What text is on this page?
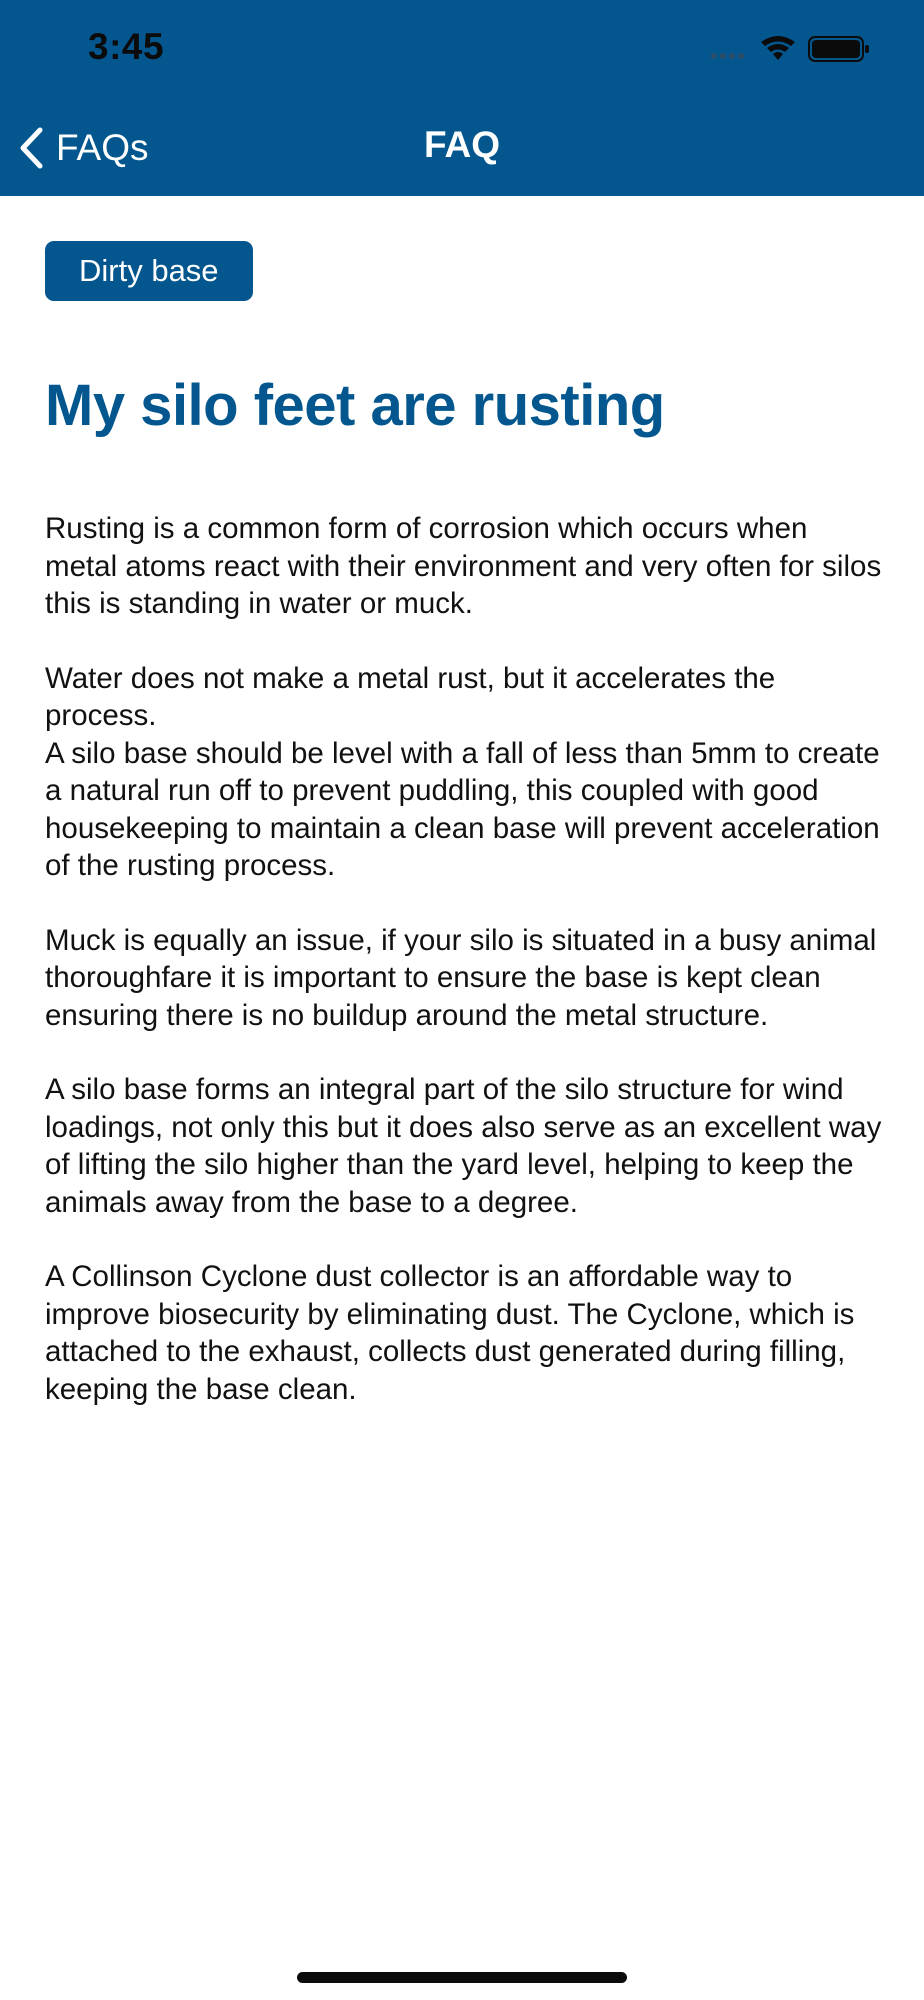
3:45
FAQs	FAQ
Dirty base
My silo feet are rusting

Rusting is a common form of corrosion which occurs when metal atoms react with their environment and very often for silos this is standing in water or muck.

Water does not make a metal rust, but it accelerates the process.
A silo base should be level with a fall of less than 5mm to create a natural run off to prevent puddling, this coupled with good housekeeping to maintain a clean base will prevent acceleration of the rusting process.

Muck is equally an issue, if your silo is situated in a busy animal thoroughfare it is important to ensure the base is kept clean ensuring there is no buildup around the metal structure.

A silo base forms an integral part of the silo structure for wind loadings, not only this but it does also serve as an excellent way of lifting the silo higher than the yard level, helping to keep the animals away from the base to a degree.

A Collinson Cyclone dust collector is an affordable way to improve biosecurity by eliminating dust. The Cyclone, which is attached to the exhaust, collects dust generated during filling, keeping the base clean.
